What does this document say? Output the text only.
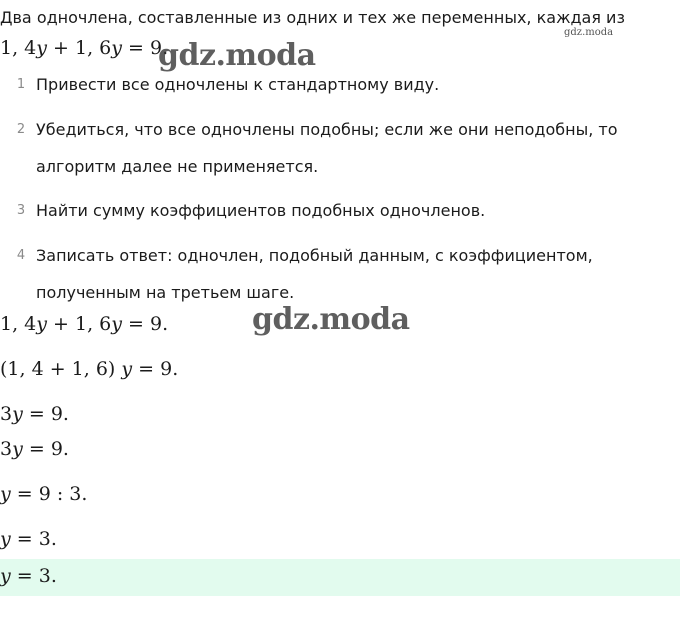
Два одночлена, составленные из одних и тех же переменных, каждая из
1, 4y + 1, 6y = 9.
gdz.moda
gdz.moda
1 Привести все одночлены к стандартному виду.
2 Убедиться, что все одночлены подобны; если же они неподобны, то
алгоритм далее не применяется.
3 Найти сумму коэффициентов подобных одночленов.
4 Записать ответ: одночлен, подобный данным, с коэффициентом,
полученным на третьем шаге.
gdz.moda
1, 4y + 1, 6y = 9.
(1, 4 + 1, 6) y = 9.
3y = 9.
3y = 9.
y = 9 : 3.
y = 3.
y = 3.
